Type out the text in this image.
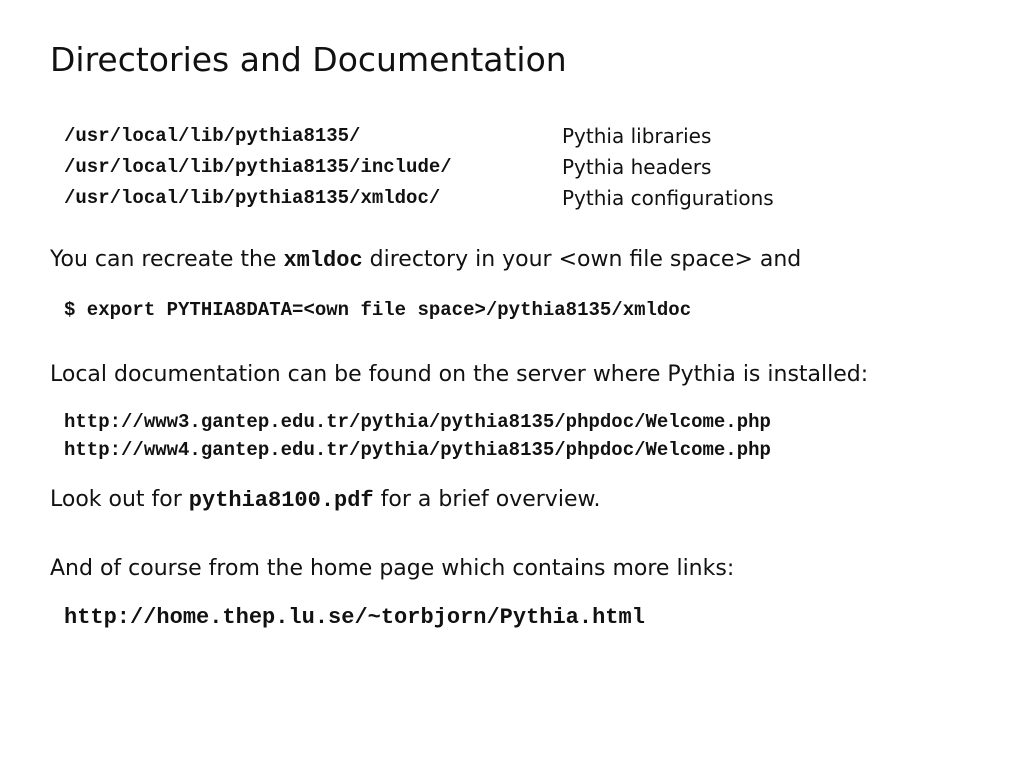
Directories and Documentation
/usr/local/lib/pythia8135/	Pythia libraries
/usr/local/lib/pythia8135/include/	Pythia headers
/usr/local/lib/pythia8135/xmldoc/	Pythia configurations
You can recreate the xmldoc directory in your <own file space> and
$ export PYTHIA8DATA=<own file space>/pythia8135/xmldoc
Local documentation can be found on the server where Pythia is installed:
http://www3.gantep.edu.tr/pythia/pythia8135/phpdoc/Welcome.php
http://www4.gantep.edu.tr/pythia/pythia8135/phpdoc/Welcome.php
Look out for pythia8100.pdf for a brief overview.
And of course from the home page which contains more links:
http://home.thep.lu.se/~torbjorn/Pythia.html
